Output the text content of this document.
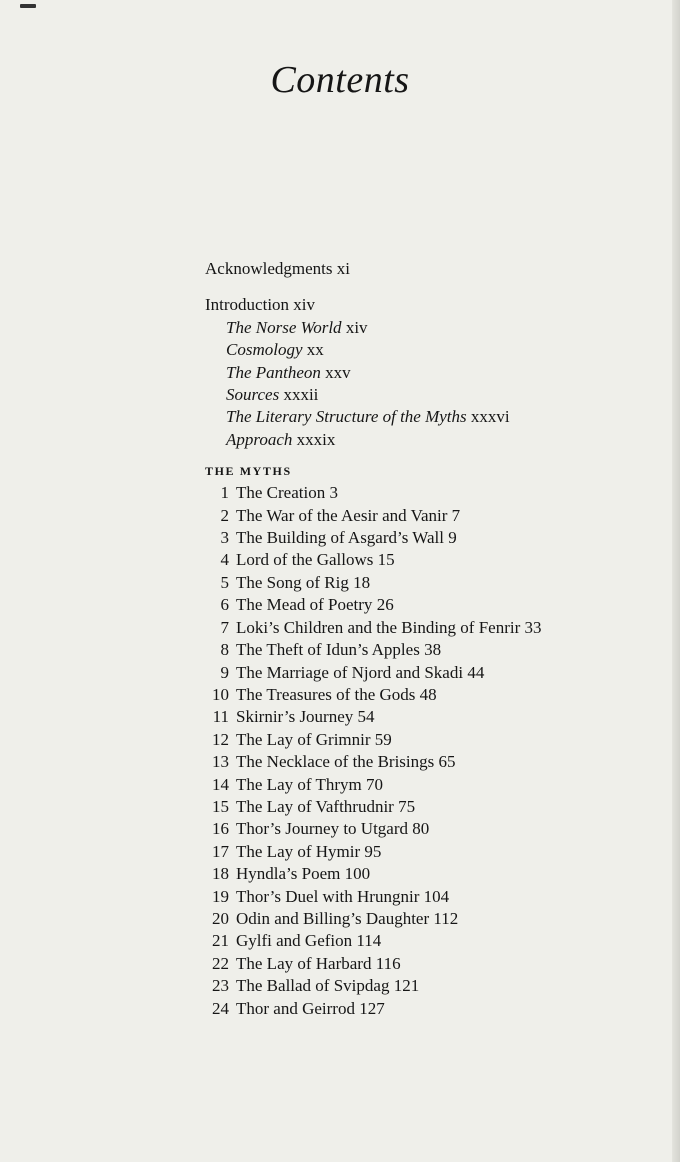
Contents
Acknowledgments xi
Introduction xiv
The Norse World xiv
Cosmology xx
The Pantheon xxv
Sources xxxii
The Literary Structure of the Myths xxxvi
Approach xxxix
THE MYTHS
1 The Creation 3
2 The War of the Aesir and Vanir 7
3 The Building of Asgard’s Wall 9
4 Lord of the Gallows 15
5 The Song of Rig 18
6 The Mead of Poetry 26
7 Loki’s Children and the Binding of Fenrir 33
8 The Theft of Idun’s Apples 38
9 The Marriage of Njord and Skadi 44
10 The Treasures of the Gods 48
11 Skirnir’s Journey 54
12 The Lay of Grimnir 59
13 The Necklace of the Brisings 65
14 The Lay of Thrym 70
15 The Lay of Vafthrudnir 75
16 Thor’s Journey to Utgard 80
17 The Lay of Hymir 95
18 Hyndla’s Poem 100
19 Thor’s Duel with Hrungnir 104
20 Odin and Billing’s Daughter 112
21 Gylfi and Gefion 114
22 The Lay of Harbard 116
23 The Ballad of Svipdag 121
24 Thor and Geirrod 127
